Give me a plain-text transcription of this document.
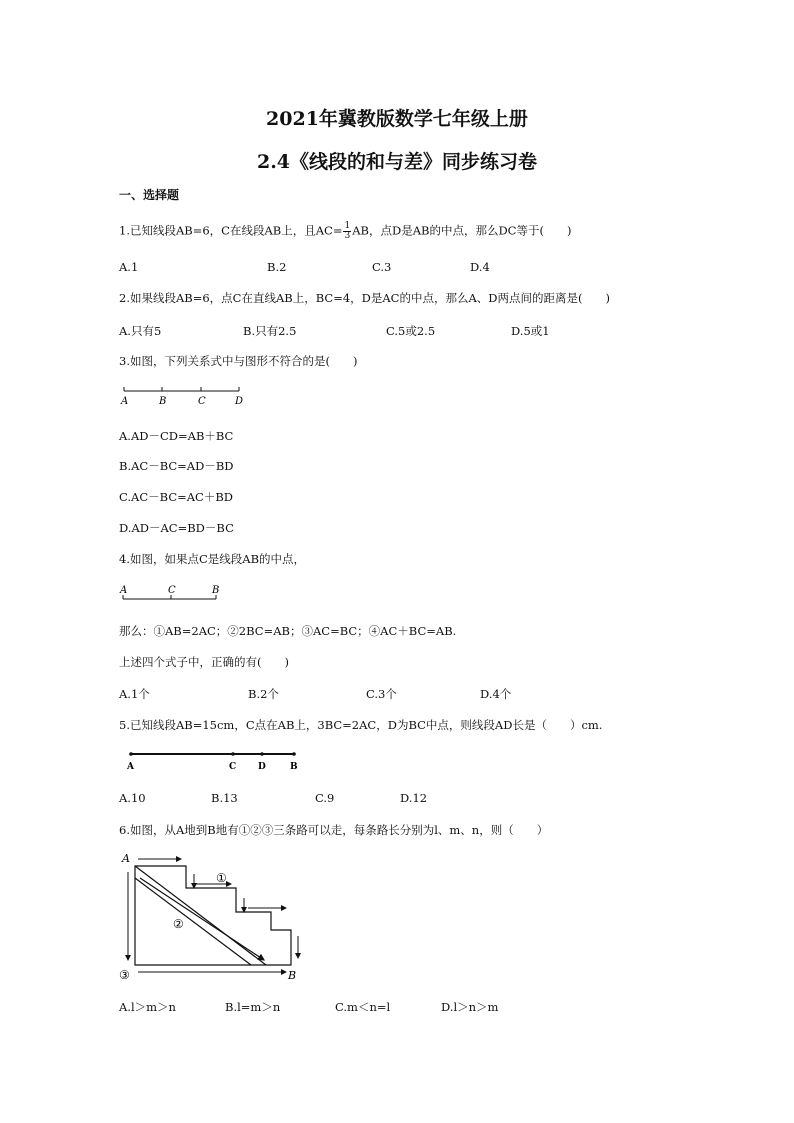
2021年冀教版数学七年级上册
2.4《线段的和与差》同步练习卷
一、选择题
1.已知线段AB=6，C在线段AB上，且$AC= \frac{1}{3}$ AB，点D是AB的中点，那么DC等于(　　)
A.1	B.2	C.3	D.4
2.如果线段AB=6，点C在直线AB上，BC=4，D是AC的中点，那么A、D两点间的距离是(　　)
A.只有5	B.只有2.5	C.5或2.5	D.5或1
3.如图，下列关系式中与图形不符合的是(　　)
A	B	C	D
A.AD－CD=AB＋BC
B.AC－BC=AD－BD
C.AC－BC=AC＋BD
D.AD－AC=BD－BC
4.如图，如果点C是线段AB的中点，
A	C	B
那么：①AB=2AC；②2BC=AB；③AC=BC；④AC＋BC=AB.
上述四个式子中，正确的有(　　)
A.1个	B.2个	C.3个	D.4个
5.已知线段AB=15cm，C点在AB上，3BC=2AC，D为BC中点，则线段AD长是（　　）cm.
A	C D	B
A.10	B.13	C.9	D.12
6.如图，从A地到B地有①②③三条路可以走，每条路长分别为l、m、n，则（　　）
A
B
①
②
③
A.l＞m＞n	B.l=m＞n	C.m＜n=l	D.l＞n＞m
